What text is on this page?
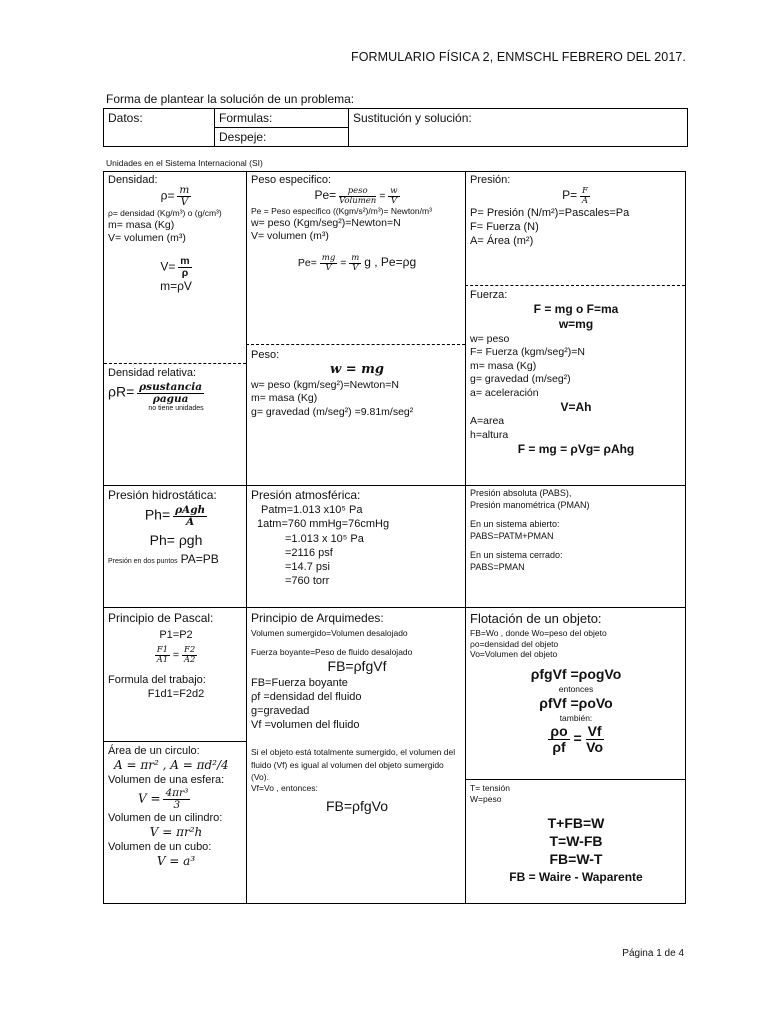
FORMULARIO FÍSICA 2, ENMSCHL FEBRERO DEL 2017.
Forma de plantear la solución de un problema:
Datos:	Formulas:	Sustitución y solución:
Despeje:
Unidades en el Sistema Internacional (SI)
Densidad:
$\rho= \frac{m}{V}$
ρ= densidad (Kg/m³) o (g/cm³)
m= masa (Kg)
V= volumen (m³)
$V= \frac{m}{\rho}$
m=ρV
Densidad relativa:
$\rho R= \frac{\text{ρsustancia}}{\text{ρagua}}$
no tiene unidades
Peso especifico:
$Pe= \frac{\text{peso}}{\text{Volumen}} = \frac{w}{V}$
Pe = Peso especifico ((Kgm/s²)/m³)= Newton/m³
w= peso (Kgm/seg²)=Newton=N
V= volumen (m³)
$Pe= \frac{mg}{V} = \frac{m}{V}$ g , Pe=ρg
Peso:
w = mg
w= peso (kgm/seg²)=Newton=N
m= masa (Kg)
g= gravedad (m/seg²) =9.81m/seg²
Presión:
$P= \frac{F}{A}$
P= Presión (N/m²)=Pascales=Pa
F= Fuerza (N)
A= Área (m²)
Fuerza:
F = mg o F=ma
w=mg
w= peso
F= Fuerza (kgm/seg²)=N
m= masa (Kg)
g= gravedad (m/seg²)
a= aceleración
V=Ah
A=area
h=altura
F = mg = ρVg= ρAhg
Presión hidrostática:
$Ph= \frac{\text{ρAgh}}{A}$
Ph= ρgh
Presión en dos puntos PA=PB
Presión atmosférica:
Patm=1.013 x10⁵ Pa
1atm=760 mmHg=76cmHg
=1.013 x 10⁵ Pa
=2116 psf
=14.7 psi
=760 torr
Presión absoluta (PABS),
Presión manométrica (PMAN)
En un sistema abierto:
PABS=PATM+PMAN
En un sistema cerrado:
PABS=PMAN
Principio de Pascal:
P1=P2
$\frac{F1}{A1} = \frac{F2}{A2}$
Formula del trabajo:
F1d1=F2d2
Área de un circulo:
A = πr² , A = πd²/4
Volumen de una esfera:
$V = \frac{\text{4πr³}}{3}$
Volumen de un cilindro:
V = πr²h
Volumen de un cubo:
V = a³
Principio de Arquimedes:
Volumen sumergido=Volumen desalojado
Fuerza boyante=Peso de fluido desalojado
FB=ρfgVf
FB=Fuerza boyante
ρf =densidad del fluido
g=gravedad
Vf =volumen del fluido
Si el objeto está totalmente sumergido, el volumen del fluido (Vf) es igual al volumen del objeto sumergido (Vo).
Vf=Vo , entonces:
FB=ρfgVo
Flotación de un objeto:
FB=Wo , donde Wo=peso del objeto
ρo=densidad del objeto
Vo=Volumen del objeto
ρfgVf =ρogVo
entonces
ρfVf =ρoVo
también:
$\frac{\rho o}{\rho f} = \frac{Vf}{Vo}$
T= tensión
W=peso
T+FB=W
T=W-FB
FB=W-T
FB = Waire - Waparente
Página 1 de 4
